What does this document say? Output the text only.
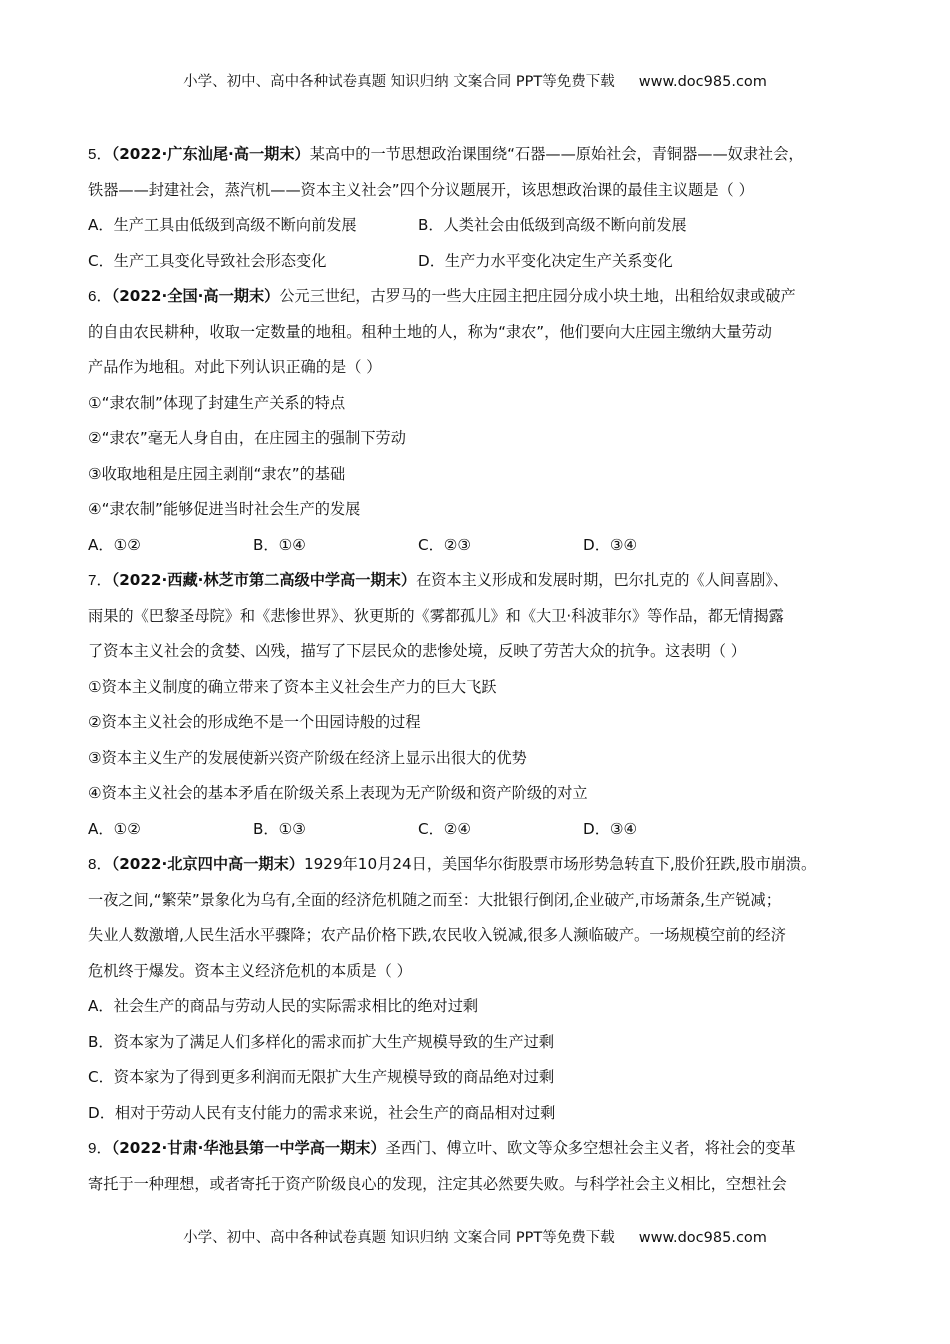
小学、初中、高中各种试卷真题 知识归纳 文案合同 PPT等免费下载 www.doc985.com
5．（2022·广东汕尾·高一期末）某高中的一节思想政治课围绕“石器——原始社会，青铜器——奴隶社会，
铁器——封建社会，蒸汽机——资本主义社会”四个分议题展开，该思想政治课的最佳主议题是（ ）
A．生产工具由低级到高级不断向前发展	B．人类社会由低级到高级不断向前发展
C．生产工具变化导致社会形态变化	D．生产力水平变化决定生产关系变化
6．（2022·全国·高一期末）公元三世纪，古罗马的一些大庄园主把庄园分成小块土地，出租给奴隶或破产
的自由农民耕种，收取一定数量的地租。租种土地的人，称为“隶农”，他们要向大庄园主缴纳大量劳动
产品作为地租。对此下列认识正确的是（ ）
①“隶农制”体现了封建生产关系的特点
②“隶农”毫无人身自由，在庄园主的强制下劳动
③收取地租是庄园主剥削“隶农”的基础
④“隶农制”能够促进当时社会生产的发展
A．①②	B．①④	C．②③	D．③④
7．（2022·西藏·林芝市第二高级中学高一期末）在资本主义形成和发展时期，巴尔扎克的《人间喜剧》、
雨果的《巴黎圣母院》和《悲惨世界》、狄更斯的《雾都孤儿》和《大卫·科波菲尔》等作品，都无情揭露
了资本主义社会的贪婪、凶残，描写了下层民众的悲惨处境，反映了劳苦大众的抗争。这表明（ ）
①资本主义制度的确立带来了资本主义社会生产力的巨大飞跃
②资本主义社会的形成绝不是一个田园诗般的过程
③资本主义生产的发展使新兴资产阶级在经济上显示出很大的优势
④资本主义社会的基本矛盾在阶级关系上表现为无产阶级和资产阶级的对立
A．①②	B．①③	C．②④	D．③④
8．（2022·北京四中高一期末）1929年10月24日，美国华尔街股票市场形势急转直下,股价狂跌,股市崩溃。
一夜之间,“繁荣”景象化为乌有,全面的经济危机随之而至：大批银行倒闭,企业破产,市场萧条,生产锐减；
失业人数激增,人民生活水平骤降；农产品价格下跌,农民收入锐减,很多人濒临破产。一场规模空前的经济
危机终于爆发。资本主义经济危机的本质是（ ）
A．社会生产的商品与劳动人民的实际需求相比的绝对过剩
B．资本家为了满足人们多样化的需求而扩大生产规模导致的生产过剩
C．资本家为了得到更多利润而无限扩大生产规模导致的商品绝对过剩
D．相对于劳动人民有支付能力的需求来说，社会生产的商品相对过剩
9．（2022·甘肃·华池县第一中学高一期末）圣西门、傅立叶、欧文等众多空想社会主义者，将社会的变革
寄托于一种理想，或者寄托于资产阶级良心的发现，注定其必然要失败。与科学社会主义相比，空想社会
小学、初中、高中各种试卷真题 知识归纳 文案合同 PPT等免费下载 www.doc985.com
